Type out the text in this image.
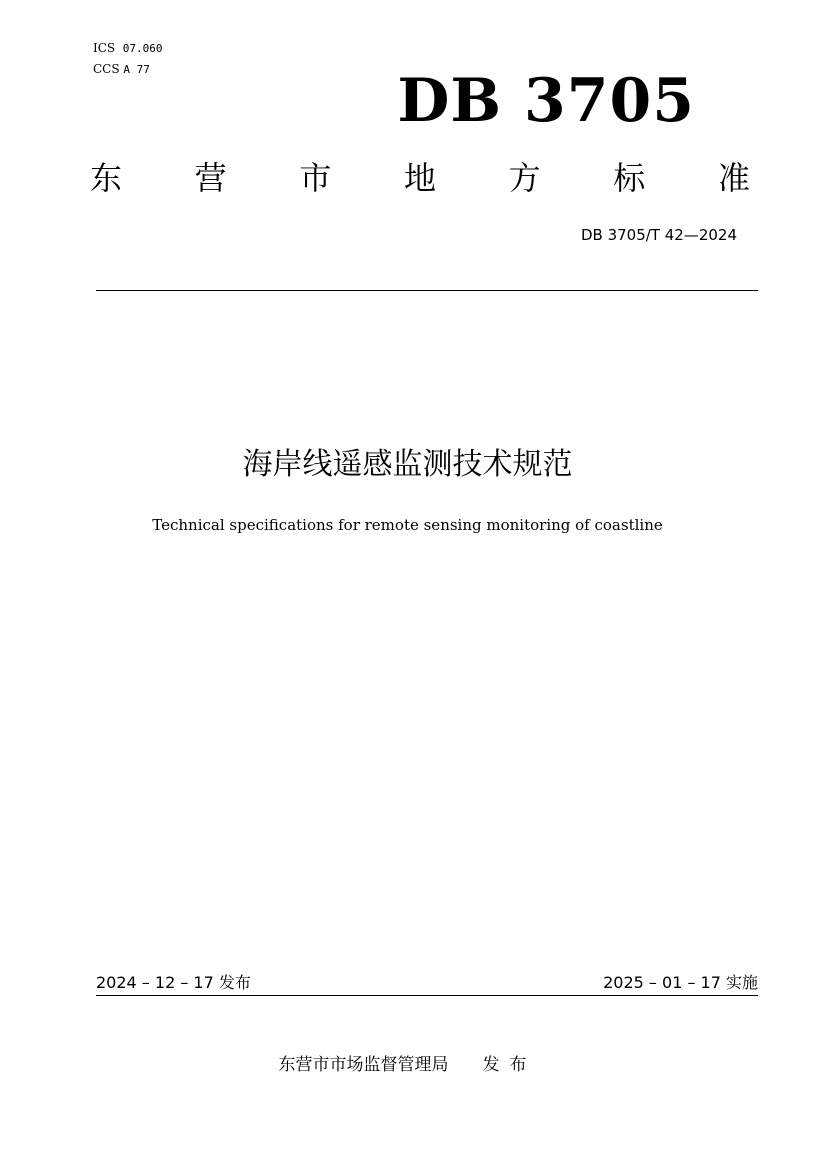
ICS 07.060
CCS A 77	DB 3705
东 营 市 地 方 标 准
DB 3705/T 42—2024
海岸线遥感监测技术规范
Technical specifications for remote sensing monitoring of coastline
2024 – 12 – 17 发布	2025 – 01 – 17 实施
东营市市场监督管理局 发布
